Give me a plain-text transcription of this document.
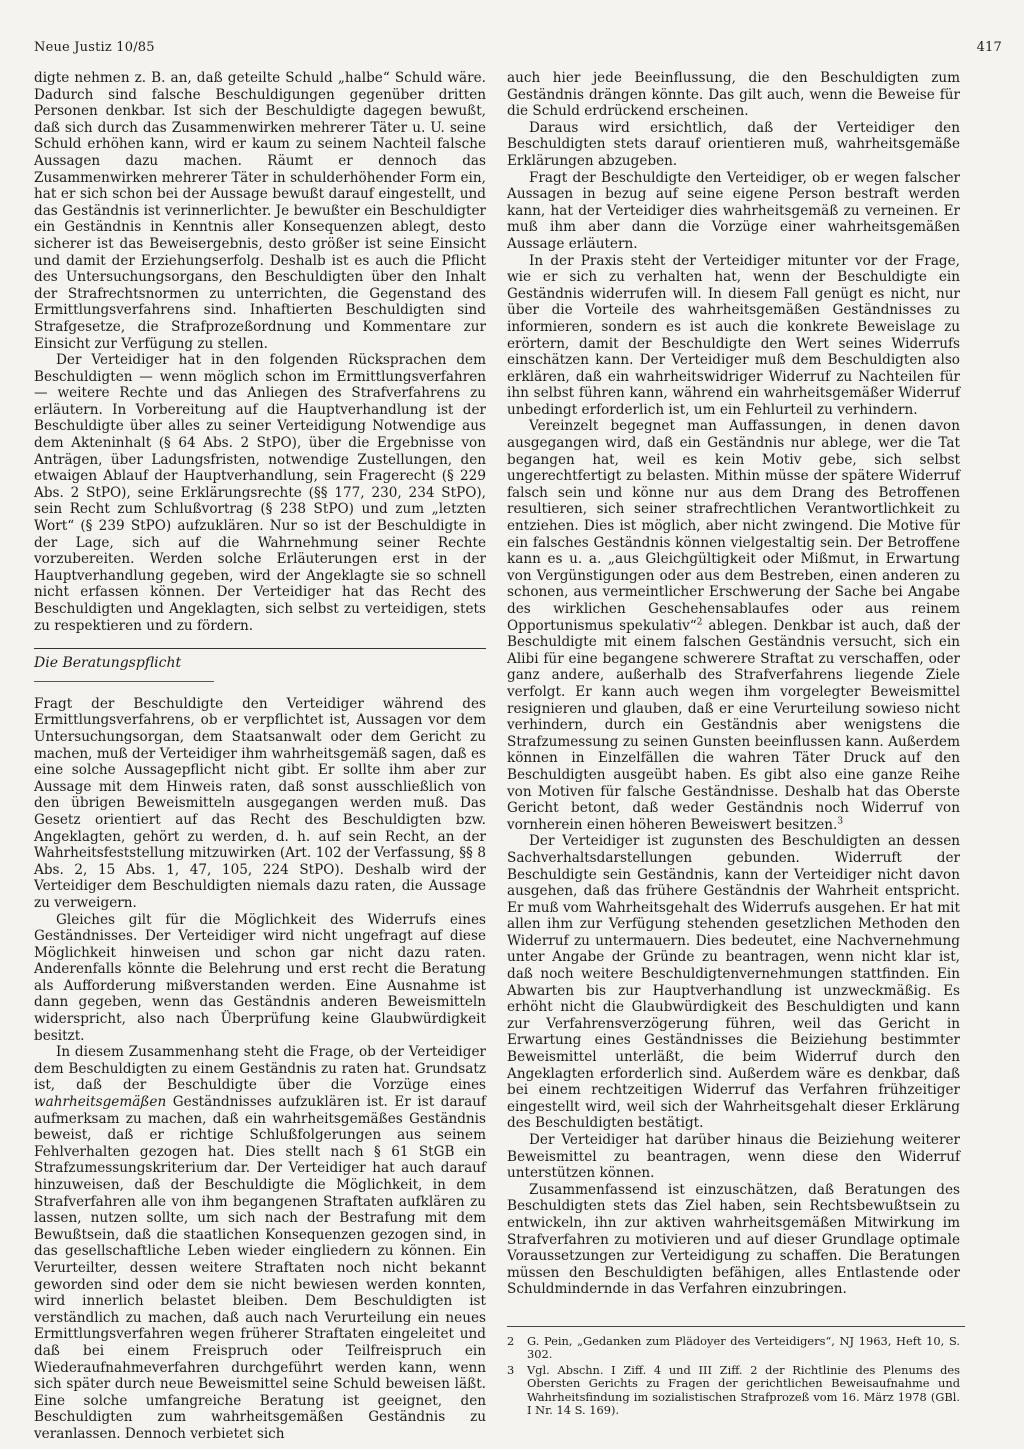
Neue Justiz 10/85	417

digte nehmen z. B. an, daß geteilte Schuld „halbe“ Schuld wäre. Dadurch sind falsche Beschuldigungen gegenüber dritten Personen denkbar. Ist sich der Beschuldigte dagegen bewußt, daß sich durch das Zusammenwirken mehrerer Täter u. U. seine Schuld erhöhen kann, wird er kaum zu seinem Nachteil falsche Aussagen dazu machen. Räumt er dennoch das Zusammenwirken mehrerer Täter in schulderhöhender Form ein, hat er sich schon bei der Aussage bewußt darauf eingestellt, und das Geständnis ist verinnerlichter. Je bewußter ein Beschuldigter ein Geständnis in Kenntnis aller Konsequenzen ablegt, desto sicherer ist das Beweisergebnis, desto größer ist seine Einsicht und damit der Erziehungserfolg. Deshalb ist es auch die Pflicht des Untersuchungsorgans, den Beschuldigten über den Inhalt der Strafrechtsnormen zu unterrichten, die Gegenstand des Ermittlungsverfahrens sind. Inhaftierten Beschuldigten sind Strafgesetze, die Strafprozeßordnung und Kommentare zur Einsicht zur Verfügung zu stellen.

Der Verteidiger hat in den folgenden Rücksprachen dem Beschuldigten — wenn möglich schon im Ermittlungsverfahren — weitere Rechte und das Anliegen des Strafverfahrens zu erläutern. In Vorbereitung auf die Hauptverhandlung ist der Beschuldigte über alles zu seiner Verteidigung Notwendige aus dem Akteninhalt (§ 64 Abs. 2 StPO), über die Ergebnisse von Anträgen, über Ladungsfristen, notwendige Zustellungen, den etwaigen Ablauf der Hauptverhandlung, sein Fragerecht (§ 229 Abs. 2 StPO), seine Erklärungsrechte (§§ 177, 230, 234 StPO), sein Recht zum Schlußvortrag (§ 238 StPO) und zum „letzten Wort“ (§ 239 StPO) aufzuklären. Nur so ist der Beschuldigte in der Lage, sich auf die Wahrnehmung seiner Rechte vorzubereiten. Werden solche Erläuterungen erst in der Hauptverhandlung gegeben, wird der Angeklagte sie so schnell nicht erfassen können. Der Verteidiger hat das Recht des Beschuldigten und Angeklagten, sich selbst zu verteidigen, stets zu respektieren und zu fördern.

Die Beratungspflicht

Fragt der Beschuldigte den Verteidiger während des Ermittlungsverfahrens, ob er verpflichtet ist, Aussagen vor dem Untersuchungsorgan, dem Staatsanwalt oder dem Gericht zu machen, muß der Verteidiger ihm wahrheitsgemäß sagen, daß es eine solche Aussagepflicht nicht gibt. Er sollte ihm aber zur Aussage mit dem Hinweis raten, daß sonst ausschließlich von den übrigen Beweismitteln ausgegangen werden muß. Das Gesetz orientiert auf das Recht des Beschuldigten bzw. Angeklagten, gehört zu werden, d. h. auf sein Recht, an der Wahrheitsfeststellung mitzuwirken (Art. 102 der Verfassung, §§ 8 Abs. 2, 15 Abs. 1, 47, 105, 224 StPO). Deshalb wird der Verteidiger dem Beschuldigten niemals dazu raten, die Aussage zu verweigern.

Gleiches gilt für die Möglichkeit des Widerrufs eines Geständnisses. Der Verteidiger wird nicht ungefragt auf diese Möglichkeit hinweisen und schon gar nicht dazu raten. Anderenfalls könnte die Belehrung und erst recht die Beratung als Aufforderung mißverstanden werden. Eine Ausnahme ist dann gegeben, wenn das Geständnis anderen Beweismitteln widerspricht, also nach Überprüfung keine Glaubwürdigkeit besitzt.

In diesem Zusammenhang steht die Frage, ob der Verteidiger dem Beschuldigten zu einem Geständnis zu raten hat. Grundsatz ist, daß der Beschuldigte über die Vorzüge eines wahrheitsgemäßen Geständnisses aufzuklären ist. Er ist darauf aufmerksam zu machen, daß ein wahrheitsgemäßes Geständnis beweist, daß er richtige Schlußfolgerungen aus seinem Fehlverhalten gezogen hat. Dies stellt nach § 61 StGB ein Strafzumessungskriterium dar. Der Verteidiger hat auch darauf hinzuweisen, daß der Beschuldigte die Möglichkeit, in dem Strafverfahren alle von ihm begangenen Straftaten aufklären zu lassen, nutzen sollte, um sich nach der Bestrafung mit dem Bewußtsein, daß die staatlichen Konsequenzen gezogen sind, in das gesellschaftliche Leben wieder eingliedern zu können. Ein Verurteilter, dessen weitere Straftaten noch nicht bekannt geworden sind oder dem sie nicht bewiesen werden konnten, wird innerlich belastet bleiben. Dem Beschuldigten ist verständlich zu machen, daß auch nach Verurteilung ein neues Ermittlungsverfahren wegen früherer Straftaten eingeleitet und daß bei einem Freispruch oder Teilfreispruch ein Wiederaufnahmeverfahren durchgeführt werden kann, wenn sich später durch neue Beweismittel seine Schuld beweisen läßt. Eine solche umfangreiche Beratung ist geeignet, den Beschuldigten zum wahrheitsgemäßen Geständnis zu veranlassen. Dennoch verbietet sich

auch hier jede Beeinflussung, die den Beschuldigten zum Geständnis drängen könnte. Das gilt auch, wenn die Beweise für die Schuld erdrückend erscheinen.

Daraus wird ersichtlich, daß der Verteidiger den Beschuldigten stets darauf orientieren muß, wahrheitsgemäße Erklärungen abzugeben.

Fragt der Beschuldigte den Verteidiger, ob er wegen falscher Aussagen in bezug auf seine eigene Person bestraft werden kann, hat der Verteidiger dies wahrheitsgemäß zu verneinen. Er muß ihm aber dann die Vorzüge einer wahrheitsgemäßen Aussage erläutern.

In der Praxis steht der Verteidiger mitunter vor der Frage, wie er sich zu verhalten hat, wenn der Beschuldigte ein Geständnis widerrufen will. In diesem Fall genügt es nicht, nur über die Vorteile des wahrheitsgemäßen Geständnisses zu informieren, sondern es ist auch die konkrete Beweislage zu erörtern, damit der Beschuldigte den Wert seines Widerrufs einschätzen kann. Der Verteidiger muß dem Beschuldigten also erklären, daß ein wahrheitswidriger Widerruf zu Nachteilen für ihn selbst führen kann, während ein wahrheitsgemäßer Widerruf unbedingt erforderlich ist, um ein Fehlurteil zu verhindern.

Vereinzelt begegnet man Auffassungen, in denen davon ausgegangen wird, daß ein Geständnis nur ablege, wer die Tat begangen hat, weil es kein Motiv gebe, sich selbst ungerechtfertigt zu belasten. Mithin müsse der spätere Widerruf falsch sein und könne nur aus dem Drang des Betroffenen resultieren, sich seiner strafrechtlichen Verantwortlichkeit zu entziehen. Dies ist möglich, aber nicht zwingend. Die Motive für ein falsches Geständnis können vielgestaltig sein. Der Betroffene kann es u. a. „aus Gleichgültigkeit oder Mißmut, in Erwartung von Vergünstigungen oder aus dem Bestreben, einen anderen zu schonen, aus vermeintlicher Erschwerung der Sache bei Angabe des wirklichen Geschehensablaufes oder aus reinem Opportunismus spekulativ“$^2$ ablegen. Denkbar ist auch, daß der Beschuldigte mit einem falschen Geständnis versucht, sich ein Alibi für eine begangene schwerere Straftat zu verschaffen, oder ganz andere, außerhalb des Strafverfahrens liegende Ziele verfolgt. Er kann auch wegen ihm vorgelegter Beweismittel resignieren und glauben, daß er eine Verurteilung sowieso nicht verhindern, durch ein Geständnis aber wenigstens die Strafzumessung zu seinen Gunsten beeinflussen kann. Außerdem können in Einzelfällen die wahren Täter Druck auf den Beschuldigten ausgeübt haben. Es gibt also eine ganze Reihe von Motiven für falsche Geständnisse. Deshalb hat das Oberste Gericht betont, daß weder Geständnis noch Widerruf von vornherein einen höheren Beweiswert besitzen.$^3$

Der Verteidiger ist zugunsten des Beschuldigten an dessen Sachverhaltsdarstellungen gebunden. Widerruft der Beschuldigte sein Geständnis, kann der Verteidiger nicht davon ausgehen, daß das frühere Geständnis der Wahrheit entspricht. Er muß vom Wahrheitsgehalt des Widerrufs ausgehen. Er hat mit allen ihm zur Verfügung stehenden gesetzlichen Methoden den Widerruf zu untermauern. Dies bedeutet, eine Nachvernehmung unter Angabe der Gründe zu beantragen, wenn nicht klar ist, daß noch weitere Beschuldigtenvernehmungen stattfinden. Ein Abwarten bis zur Hauptverhandlung ist unzweckmäßig. Es erhöht nicht die Glaubwürdigkeit des Beschuldigten und kann zur Verfahrensverzögerung führen, weil das Gericht in Erwartung eines Geständnisses die Beiziehung bestimmter Beweismittel unterläßt, die beim Widerruf durch den Angeklagten erforderlich sind. Außerdem wäre es denkbar, daß bei einem rechtzeitigen Widerruf das Verfahren frühzeitiger eingestellt wird, weil sich der Wahrheitsgehalt dieser Erklärung des Beschuldigten bestätigt.

Der Verteidiger hat darüber hinaus die Beiziehung weiterer Beweismittel zu beantragen, wenn diese den Widerruf unterstützen können.

Zusammenfassend ist einzuschätzen, daß Beratungen des Beschuldigten stets das Ziel haben, sein Rechtsbewußtsein zu entwickeln, ihn zur aktiven wahrheitsgemäßen Mitwirkung im Strafverfahren zu motivieren und auf dieser Grundlage optimale Voraussetzungen zur Verteidigung zu schaffen. Die Beratungen müssen den Beschuldigten befähigen, alles Entlastende oder Schuldmindernde in das Verfahren einzubringen.

2	G. Pein, „Gedanken zum Plädoyer des Verteidigers“, NJ 1963, Heft 10, S. 302.
3	Vgl. Abschn. I Ziff. 4 und III Ziff. 2 der Richtlinie des Plenums des Obersten Gerichts zu Fragen der gerichtlichen Beweisaufnahme und Wahrheitsfindung im sozialistischen Strafprozeß vom 16. März 1978 (GBl. I Nr. 14 S. 169).
